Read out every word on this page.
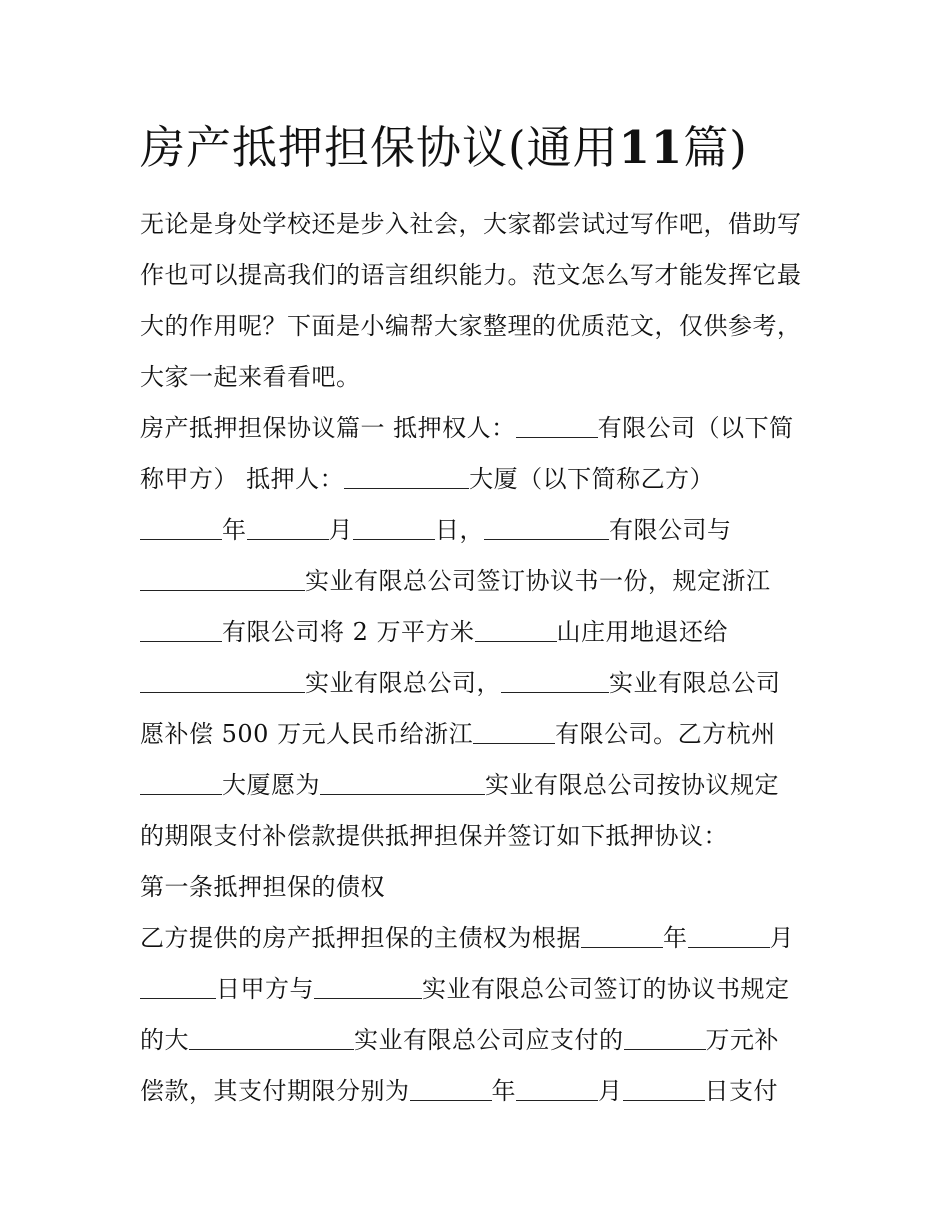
房产抵押担保协议(通用11篇)
无论是身处学校还是步入社会，大家都尝试过写作吧，借助写
作也可以提高我们的语言组织能力。范文怎么写才能发挥它最
大的作用呢？下面是小编帮大家整理的优质范文，仅供参考，
大家一起来看看吧。
房产抵押担保协议篇一 抵押权人：	有限公司（以下简
称甲方） 抵押人：	大厦（以下简称乙方）
年	月	日，	有限公司与
实业有限总公司签订协议书一份，规定浙江
有限公司将 2 万平方米	山庄用地退还给
实业有限总公司，	实业有限总公司
愿补偿 500 万元人民币给浙江	有限公司。乙方杭州
大厦愿为	实业有限总公司按协议规定
的期限支付补偿款提供抵押担保并签订如下抵押协议：
第一条抵押担保的债权
乙方提供的房产抵押担保的主债权为根据	年	月
日甲方与	实业有限总公司签订的协议书规定
的大	实业有限总公司应支付的	万元补
偿款，其支付期限分别为	年	月	日支付
